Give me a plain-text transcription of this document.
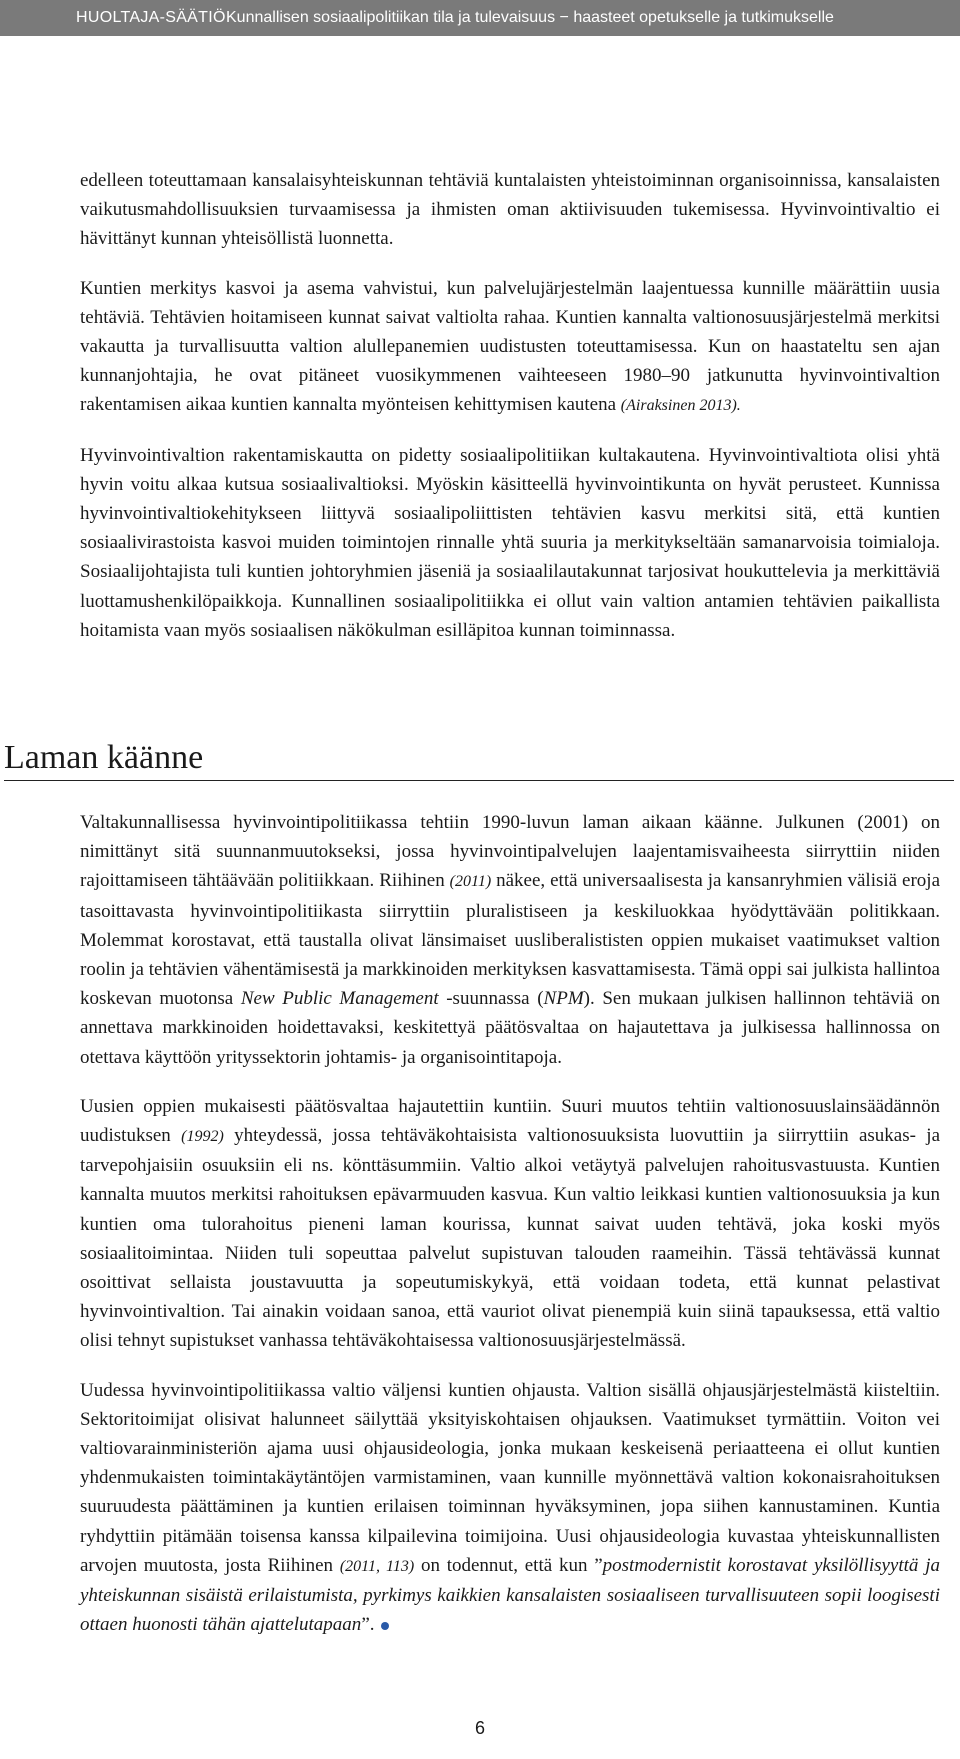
HUOLTAJA-SÄÄTIÖ Kunnallisen sosiaalipolitiikan tila ja tulevaisuus − haasteet opetukselle ja tutkimukselle

edelleen toteuttamaan kansalaisyhteiskunnan tehtäviä kuntalaisten yhteistoiminnan organisoinnissa, kansalaisten vaikutusmahdollisuuksien turvaamisessa ja ihmisten oman aktiivisuuden tukemisessa. Hyvinvointivaltio ei hävittänyt kunnan yhteisöllistä luonnetta.

Kuntien merkitys kasvoi ja asema vahvistui, kun palvelujärjestelmän laajentuessa kunnille määrättiin uusia tehtäviä. Tehtävien hoitamiseen kunnat saivat valtiolta rahaa. Kuntien kannalta valtionosuusjärjestelmä merkitsi vakautta ja turvallisuutta valtion alullepanemien uudistusten toteuttamisessa. Kun on haastateltu sen ajan kunnanjohtajia, he ovat pitäneet vuosikymmenen vaihteeseen 1980–90 jatkunutta hyvinvointivaltion rakentamisen aikaa kuntien kannalta myönteisen kehittymisen kautena (Airaksinen 2013).

Hyvinvointivaltion rakentamiskautta on pidetty sosiaalipolitiikan kultakautena. Hyvinvointivaltiota olisi yhtä hyvin voitu alkaa kutsua sosiaalivaltioksi. Myöskin käsitteellä hyvinvointikunta on hyvät perusteet. Kunnissa hyvinvointivaltiokehitykseen liittyvä sosiaalipoliittisten tehtävien kasvu merkitsi sitä, että kuntien sosiaalivirastoista kasvoi muiden toimintojen rinnalle yhtä suuria ja merkitykseltään samanarvoisia toimialoja. Sosiaalijohtajista tuli kuntien johtoryhmien jäseniä ja sosiaalilautakunnat tarjosivat houkuttelevia ja merkittäviä luottamushenkilöpaikkoja. Kunnallinen sosiaalipolitiikka ei ollut vain valtion antamien tehtävien paikallista hoitamista vaan myös sosiaalisen näkökulman esilläpitoa kunnan toiminnassa.

Laman käänne

Valtakunnallisessa hyvinvointipolitiikassa tehtiin 1990-luvun laman aikaan käänne. Julkunen (2001) on nimittänyt sitä suunnanmuutokseksi, jossa hyvinvointipalvelujen laajentamisvaiheesta siirryttiin niiden rajoittamiseen tähtäävään politiikkaan. Riihinen (2011) näkee, että universaalisesta ja kansanryhmien välisiä eroja tasoittavasta hyvinvointipolitiikasta siirryttiin pluralistiseen ja keskiluokkaa hyödyttävään politikkaan. Molemmat korostavat, että taustalla olivat länsimaiset uusliberalististen oppien mukaiset vaatimukset valtion roolin ja tehtävien vähentämisestä ja markkinoiden merkityksen kasvattamisesta. Tämä oppi sai julkista hallintoa koskevan muotonsa New Public Management -suunnassa (NPM). Sen mukaan julkisen hallinnon tehtäviä on annettava markkinoiden hoidettavaksi, keskitettyä päätösvaltaa on hajautettava ja julkisessa hallinnossa on otettava käyttöön yrityssektorin johtamis- ja organisointitapoja.

Uusien oppien mukaisesti päätösvaltaa hajautettiin kuntiin. Suuri muutos tehtiin valtionosuuslainsäädännön uudistuksen (1992) yhteydessä, jossa tehtäväkohtaisista valtionosuuksista luovuttiin ja siirryttiin asukas- ja tarvepohjaisiin osuuksiin eli ns. könttäsummiin. Valtio alkoi vetäytyä palvelujen rahoitusvastuusta. Kuntien kannalta muutos merkitsi rahoituksen epävarmuuden kasvua. Kun valtio leikkasi kuntien valtionosuuksia ja kun kuntien oma tulorahoitus pieneni laman kourissa, kunnat saivat uuden tehtävä, joka koski myös sosiaalitoimintaa. Niiden tuli sopeuttaa palvelut supistuvan talouden raameihin. Tässä tehtävässä kunnat osoittivat sellaista joustavuutta ja sopeutumiskykyä, että voidaan todeta, että kunnat pelastivat hyvinvointivaltion. Tai ainakin voidaan sanoa, että vauriot olivat pienempiä kuin siinä tapauksessa, että valtio olisi tehnyt supistukset vanhassa tehtäväkohtaisessa valtionosuusjärjestelmässä.

Uudessa hyvinvointipolitiikassa valtio väljensi kuntien ohjausta. Valtion sisällä ohjausjärjestelmästä kiisteltiin. Sektoritoimijat olisivat halunneet säilyttää yksityiskohtaisen ohjauksen. Vaatimukset tyrmättiin. Voiton vei valtiovarainministeriön ajama uusi ohjausideologia, jonka mukaan keskeisenä periaatteena ei ollut kuntien yhdenmukaisten toimintakäytäntöjen varmistaminen, vaan kunnille myönnettävä valtion kokonaisrahoituksen suuruudesta päättäminen ja kuntien erilaisen toiminnan hyväksyminen, jopa siihen kannustaminen. Kuntia ryhdyttiin pitämään toisensa kanssa kilpailevina toimijoina. Uusi ohjausideologia kuvastaa yhteiskunnallisten arvojen muutosta, josta Riihinen (2011, 113) on todennut, että kun ”postmodernistit korostavat yksilöllisyyttä ja yhteiskunnan sisäistä erilaistumista, pyrkimys kaikkien kansalaisten sosiaaliseen turvallisuuteen sopii loogisesti ottaen huonosti tähän ajattelutapaan”.

6
